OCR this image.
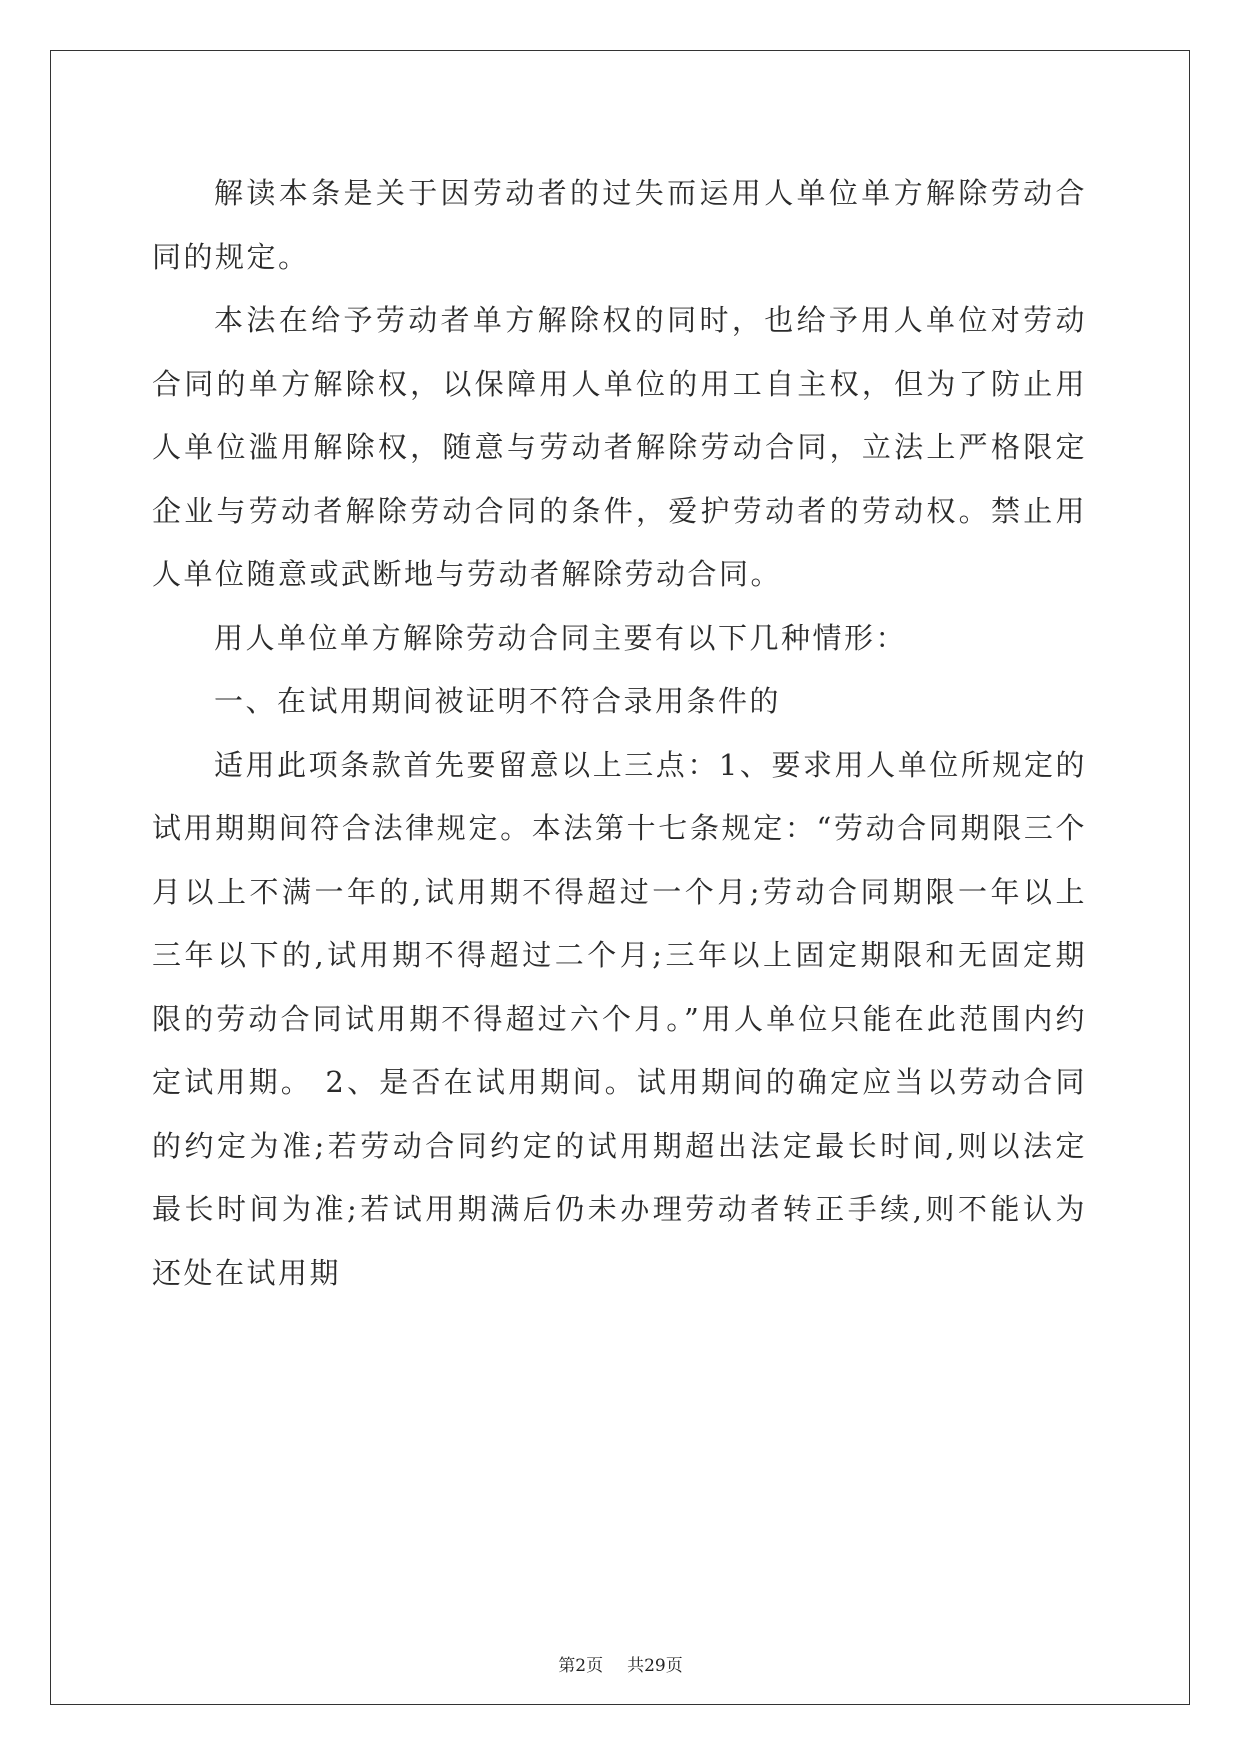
解读本条是关于因劳动者的过失而运用人单位单方解除劳动合同的规定。

本法在给予劳动者单方解除权的同时，也给予用人单位对劳动合同的单方解除权，以保障用人单位的用工自主权，但为了防止用人单位滥用解除权，随意与劳动者解除劳动合同，立法上严格限定企业与劳动者解除劳动合同的条件，爱护劳动者的劳动权。禁止用人单位随意或武断地与劳动者解除劳动合同。

用人单位单方解除劳动合同主要有以下几种情形：

一、在试用期间被证明不符合录用条件的

适用此项条款首先要留意以上三点：1、要求用人单位所规定的试用期期间符合法律规定。本法第十七条规定：“劳动合同期限三个月以上不满一年的,试用期不得超过一个月;劳动合同期限一年以上三年以下的,试用期不得超过二个月;三年以上固定期限和无固定期限的劳动合同试用期不得超过六个月。”用人单位只能在此范围内约定试用期。 2、是否在试用期间。试用期间的确定应当以劳动合同的约定为准;若劳动合同约定的试用期超出法定最长时间,则以法定最长时间为准;若试用期满后仍未办理劳动者转正手续,则不能认为还处在试用期

第2页 共29页
